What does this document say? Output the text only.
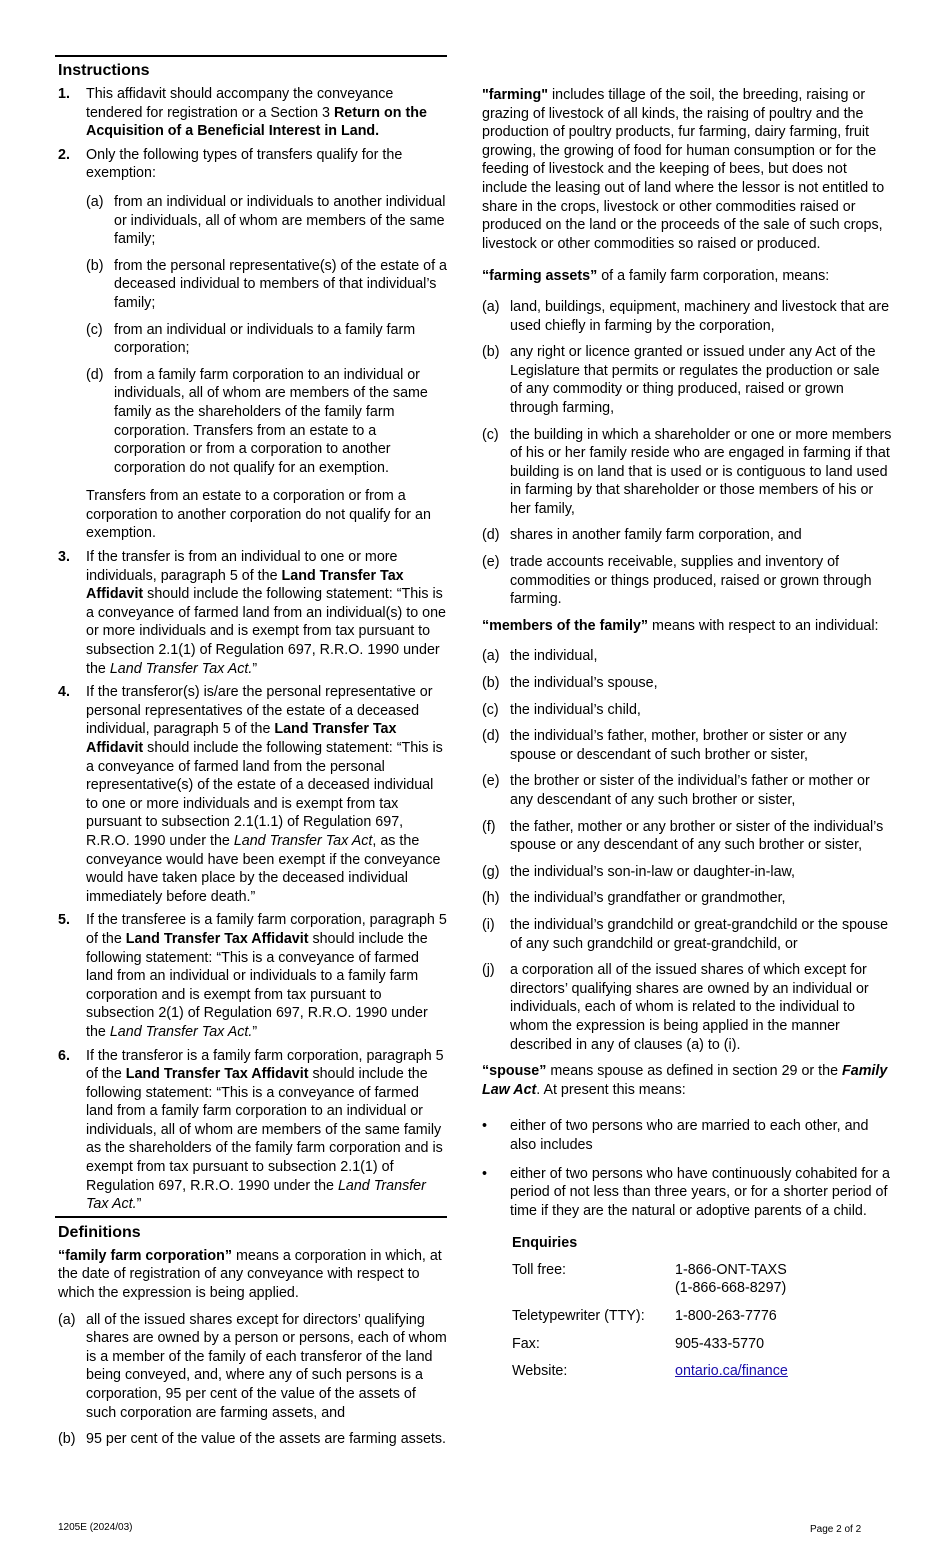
Instructions
1.	This affidavit should accompany the conveyance tendered for registration or a Section 3 Return on the Acquisition of a Beneficial Interest in Land.
2.	Only the following types of transfers qualify for the exemption:

(a) from an individual or individuals to another individual or individuals, all of whom are members of the same family;
(b) from the personal representative(s) of the estate of a deceased individual to members of that individual’s family;
(c) from an individual or individuals to a family farm corporation;
(d) from a family farm corporation to an individual or individuals, all of whom are members of the same family as the shareholders of the family farm corporation. Transfers from an estate to a corporation or from a corporation to another corporation do not qualify for an exemption.

Transfers from an estate to a corporation or from a corporation to another corporation do not qualify for an exemption.

3.	If the transfer is from an individual to one or more individuals, paragraph 5 of the Land Transfer Tax Affidavit should include the following statement: “This is a conveyance of farmed land from an individual(s) to one or more individuals and is exempt from tax pursuant to subsection 2.1(1) of Regulation 697, R.R.O. 1990 under the Land Transfer Tax Act.”
4.	If the transferor(s) is/are the personal representative or personal representatives of the estate of a deceased individual, paragraph 5 of the Land Transfer Tax Affidavit should include the following statement: “This is a conveyance of farmed land from the personal representative(s) of the estate of a deceased individual to one or more individuals and is exempt from tax pursuant to subsection 2.1(1.1) of Regulation 697, R.R.O. 1990 under the Land Transfer Tax Act, as the conveyance would have been exempt if the conveyance would have taken place by the deceased individual immediately before death.”
5.	If the transferee is a family farm corporation, paragraph 5 of the Land Transfer Tax Affidavit should include the following statement: “This is a conveyance of farmed land from an individual or individuals to a family farm corporation and is exempt from tax pursuant to subsection 2(1) of Regulation 697, R.R.O. 1990 under the Land Transfer Tax Act.”
6.	If the transferor is a family farm corporation, paragraph 5 of the Land Transfer Tax Affidavit should include the following statement: “This is a conveyance of farmed land from a family farm corporation to an individual or individuals, all of whom are members of the same family as the shareholders of the family farm corporation and is exempt from tax pursuant to subsection 2.1(1) of Regulation 697, R.R.O. 1990 under the Land Transfer Tax Act.”
Definitions

“family farm corporation” means a corporation in which, at the date of registration of any conveyance with respect to which the expression is being applied.

(a) all of the issued shares except for directors’ qualifying shares are owned by a person or persons, each of whom is a member of the family of each transferor of the land being conveyed, and, where any of such persons is a corporation, 95 per cent of the value of the assets of such corporation are farming assets, and
(b) 95 per cent of the value of the assets are farming assets.

"farming" includes tillage of the soil, the breeding, raising or grazing of livestock of all kinds, the raising of poultry and the production of poultry products, fur farming, dairy farming, fruit growing, the growing of food for human consumption or for the feeding of livestock and the keeping of bees, but does not include the leasing out of land where the lessor is not entitled to share in the crops, livestock or other commodities raised or produced on the land or the proceeds of the sale of such crops, livestock or other commodities so raised or produced.

“farming assets” of a family farm corporation, means:

(a) land, buildings, equipment, machinery and livestock that are used chiefly in farming by the corporation,
(b) any right or licence granted or issued under any Act of the Legislature that permits or regulates the production or sale of any commodity or thing produced, raised or grown through farming,
(c) the building in which a shareholder or one or more members of his or her family reside who are engaged in farming if that building is on land that is used or is contiguous to land used in farming by that shareholder or those members of his or her family,
(d) shares in another family farm corporation, and
(e) trade accounts receivable, supplies and inventory of commodities or things produced, raised or grown through farming.

“members of the family” means with respect to an individual:

(a) the individual,
(b) the individual’s spouse,
(c) the individual’s child,
(d) the individual’s father, mother, brother or sister or any spouse or descendant of such brother or sister,
(e) the brother or sister of the individual’s father or mother or any descendant of any such brother or sister,
(f)	the father, mother or any brother or sister of the individual’s spouse or any descendant of any such brother or sister,
(g) the individual’s son-in-law or daughter-in-law,
(h) the individual’s grandfather or grandmother,
(i)	the individual’s grandchild or great-grandchild or the spouse of any such grandchild or great-grandchild, or
(j)	a corporation all of the issued shares of which except for directors’ qualifying shares are owned by an individual or individuals, each of whom is related to the individual to whom the expression is being applied in the manner described in any of clauses (a) to (i).

“spouse” means spouse as defined in section 29 or the Family Law Act. At present this means:

•	either of two persons who are married to each other, and also includes
•	either of two persons who have continuously cohabited for a period of not less than three years, or for a shorter period of time if they are the natural or adoptive parents of a child.
Enquiries
Toll free:	1-866-ONT-TAXS
(1-866-668-8297)
Teletypewriter (TTY):	1-800-263-7776
Fax:	905-433-5770
Website:	ontario.ca/finance
1205E (2024/03)	Page 2 of 2
